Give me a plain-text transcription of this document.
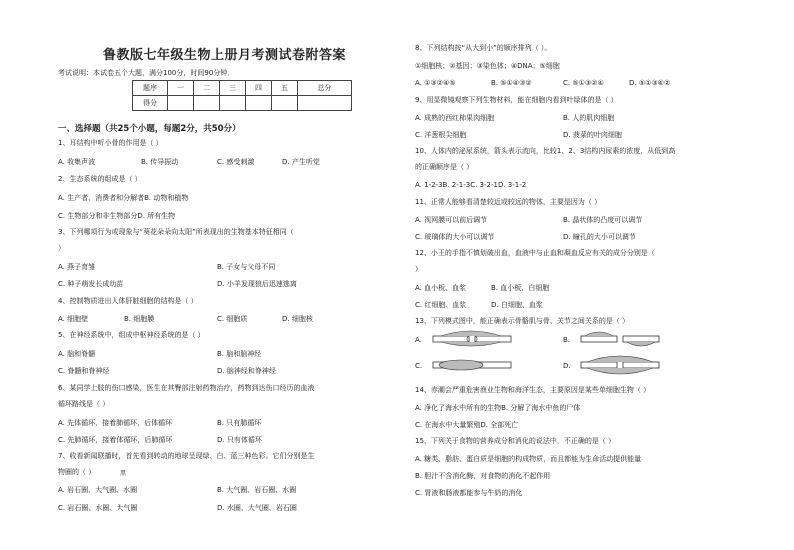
鲁教版七年级生物上册月考测试卷附答案
考试说明：本试卷五个大题，满分100分，时间90分钟．
题序	一	二	三	四	五	总分
得分						
一、选择题（共25个小题，每题2分，共50分）
1、耳结构中听小骨的作用是（ ）
A. 收集声波	B. 传导振动	C. 感受刺激	D. 产生听觉
2、生态系统的组成是（ ）
A. 生产者、消费者和分解者B. 动物和植物
C. 生物部分和非生物部分D. 所有生物
3、下列哪项行为或现象与“葵花朵朵向太阳”所表现出的生物基本特征相同（
）
A. 燕子育雏	B. 子女与父母不同
C. 种子萌发长成幼苗	D. 小羊发现狼后迅速逃离
4、控制物质进出人体肝脏细胞的结构是（ ）
A. 细胞壁	B. 细胞膜	C. 细胞质	D. 细胞核
5、在神经系统中，组成中枢神经系统的是（ ）
A. 脑和脊髓	B. 脑和脑神经
C. 脊髓和脊神经	D. 脑神经和脊神经
6、某同学上肢的伤口感染，医生在其臀部注射药物治疗，药物到达伤口经历的血液
循环路线是（ ）
A. 先体循环，接着肺循环，后体循环	B. 只有肺循环
C. 先肺循环，接着体循环，后肺循环	D. 只有体循环
7、收看新闻联播时，首先看到转动的地球呈现绿、白、蓝三种色彩。它们分别是生
物圈的（ ）	黑
A. 岩石圈、大气圈、水圈	B. 大气圈、岩石圈、水圈
C. 岩石圈、水圈、大气圈	D. 水圈、大气圈、岩石圈
8、下列结构按“从大到小”的顺序排列（ ）。
①细胞核；②基因；③染色体；④DNA；⑤细胞
A. ①③②④⑤	B. ⑤①④③②	C. ⑤①③②④	D. ⑤①③④②
9、用显微镜观察下列生物材料，能在细胞内看到叶绿体的是（ ）
A. 成熟的西红柿果肉细胞	B. 人的肌肉细胞
C. 洋葱根尖细胞	D. 菠菜的叶肉细胞
10、人体内的泌尿系统，箭头表示流向，比较1、2、3结构内尿素的浓度，从低到高
的正确顺序是（ ）
A. 1-2-3B. 2-1-3C. 3-2-1D. 3-1-2
11、正常人能够看清楚较近或较远的物体，主要是因为（ ）
A. 视网膜可以前后调节	B. 晶状体的凸度可以调节
C. 玻璃体的大小可以调节	D. 瞳孔的大小可以调节
12、小王的手指不慎划破出血，血液中与止血和凝血反应有关的成分分别是（
）
A. 血小板、血浆	B. 血小板、白细胞
C. 红细胞、血浆	D. 白细胞、血浆
13、下列模式图中，能正确表示骨骼肌与骨、关节之间关系的是（ ）
A.	B.
C.	D.
14、赤潮会严重危害渔业生物和海洋生态，主要原因是某些单细胞生物（ ）
A. 净化了海水中所有的生物B. 分解了海水中鱼的尸体
C. 在海水中大量繁殖D. 全部死亡
15、下列关于食物的营养成分和消化的说法中，不正确的是（ ）
A. 糖类、脂肪、蛋白质是细胞的构成物质，而且都能为生命活动提供能量
B. 胆汁不含消化酶，对食物的消化不起作用
C. 胃液和肠液都能参与牛奶的消化
